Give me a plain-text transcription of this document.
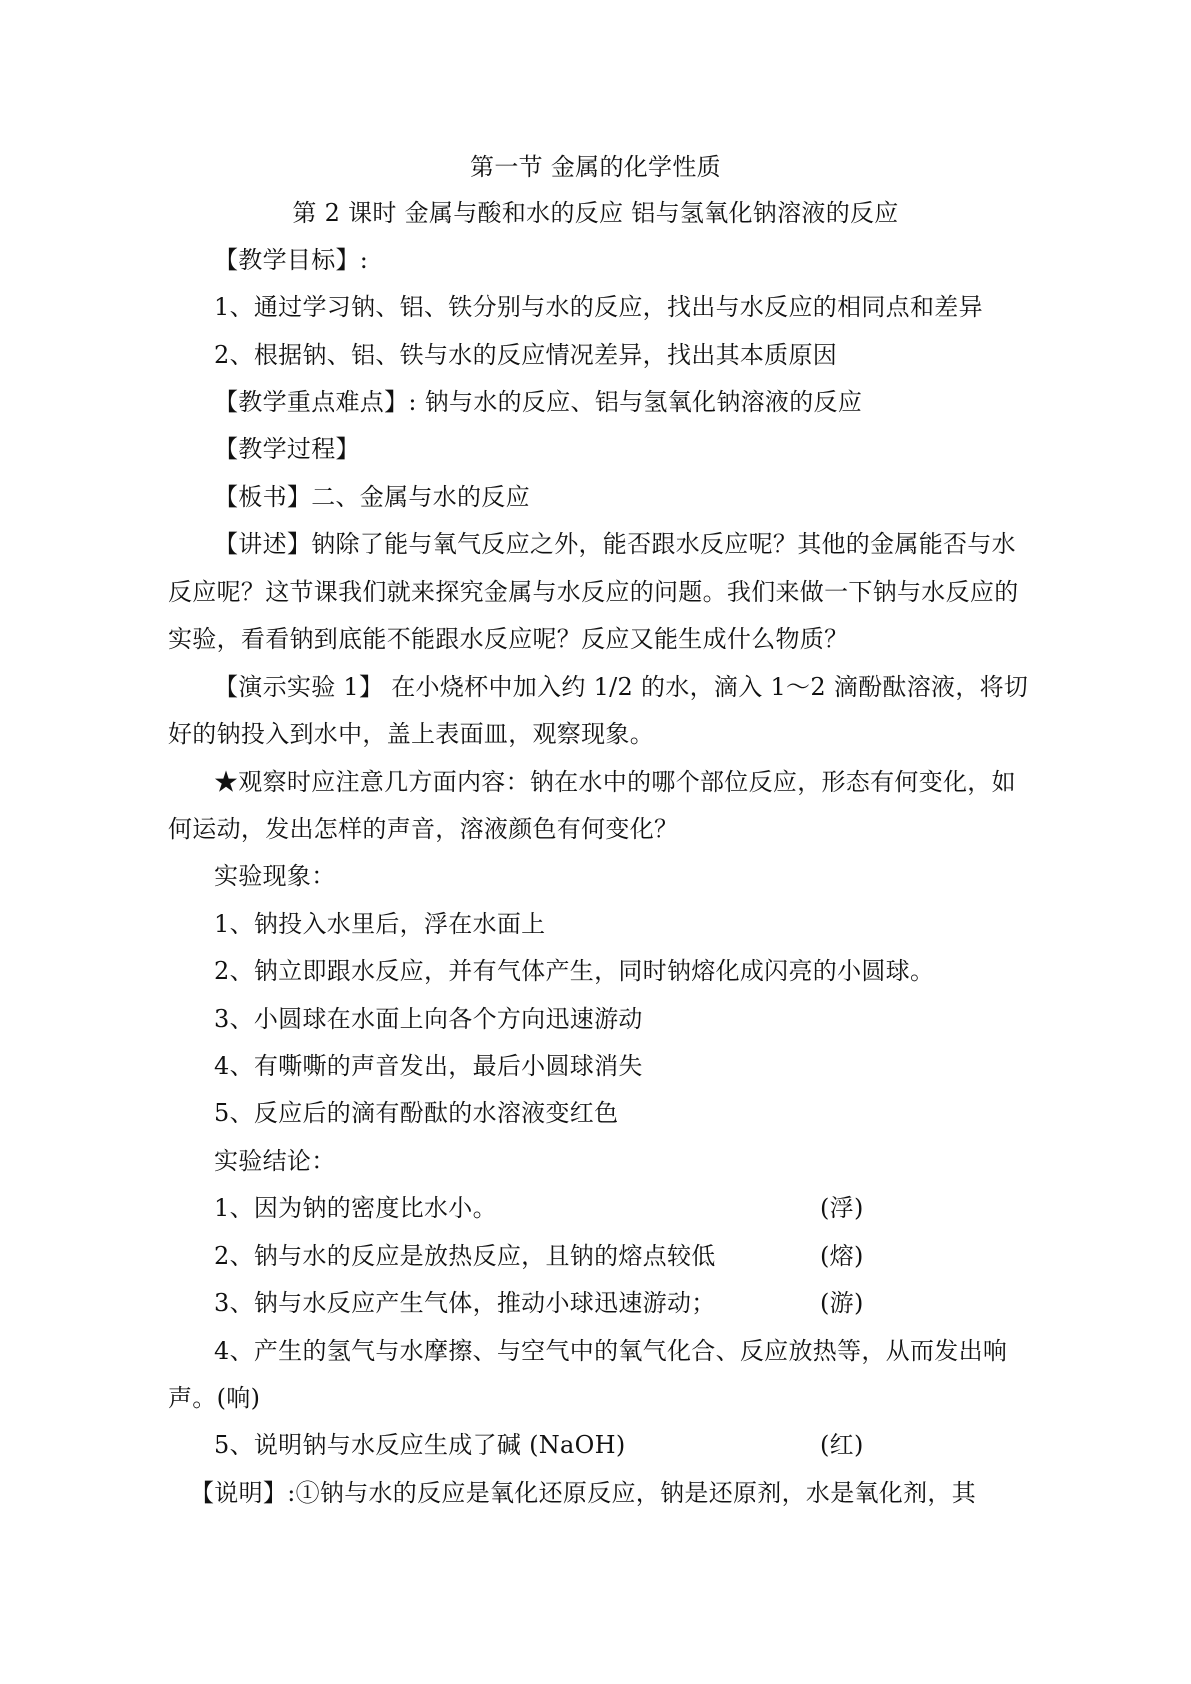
第一节 金属的化学性质
第 2 课时 金属与酸和水的反应 铝与氢氧化钠溶液的反应
【教学目标】:
1、通过学习钠、铝、铁分别与水的反应，找出与水反应的相同点和差异
2、根据钠、铝、铁与水的反应情况差异，找出其本质原因
【教学重点难点】: 钠与水的反应、铝与氢氧化钠溶液的反应
【教学过程】
【板书】二、金属与水的反应
【讲述】钠除了能与氧气反应之外，能否跟水反应呢？其他的金属能否与水
反应呢？这节课我们就来探究金属与水反应的问题。我们来做一下钠与水反应的
实验，看看钠到底能不能跟水反应呢？反应又能生成什么物质？
【演示实验 1】 在小烧杯中加入约 1/2 的水，滴入 1～2 滴酚酞溶液，将切
好的钠投入到水中，盖上表面皿，观察现象。
★观察时应注意几方面内容：钠在水中的哪个部位反应，形态有何变化，如
何运动，发出怎样的声音，溶液颜色有何变化？
实验现象：
1、钠投入水里后，浮在水面上
2、钠立即跟水反应，并有气体产生，同时钠熔化成闪亮的小圆球。
3、小圆球在水面上向各个方向迅速游动
4、有嘶嘶的声音发出，最后小圆球消失
5、反应后的滴有酚酞的水溶液变红色
实验结论：
1、因为钠的密度比水小。	(浮)
2、钠与水的反应是放热反应，且钠的熔点较低	(熔)
3、钠与水反应产生气体，推动小球迅速游动；	(游)
4、产生的氢气与水摩擦、与空气中的氧气化合、反应放热等，从而发出响
声。(响)
5、说明钠与水反应生成了碱 (NaOH)	(红)
【说明】:①钠与水的反应是氧化还原反应，钠是还原剂，水是氧化剂，其
